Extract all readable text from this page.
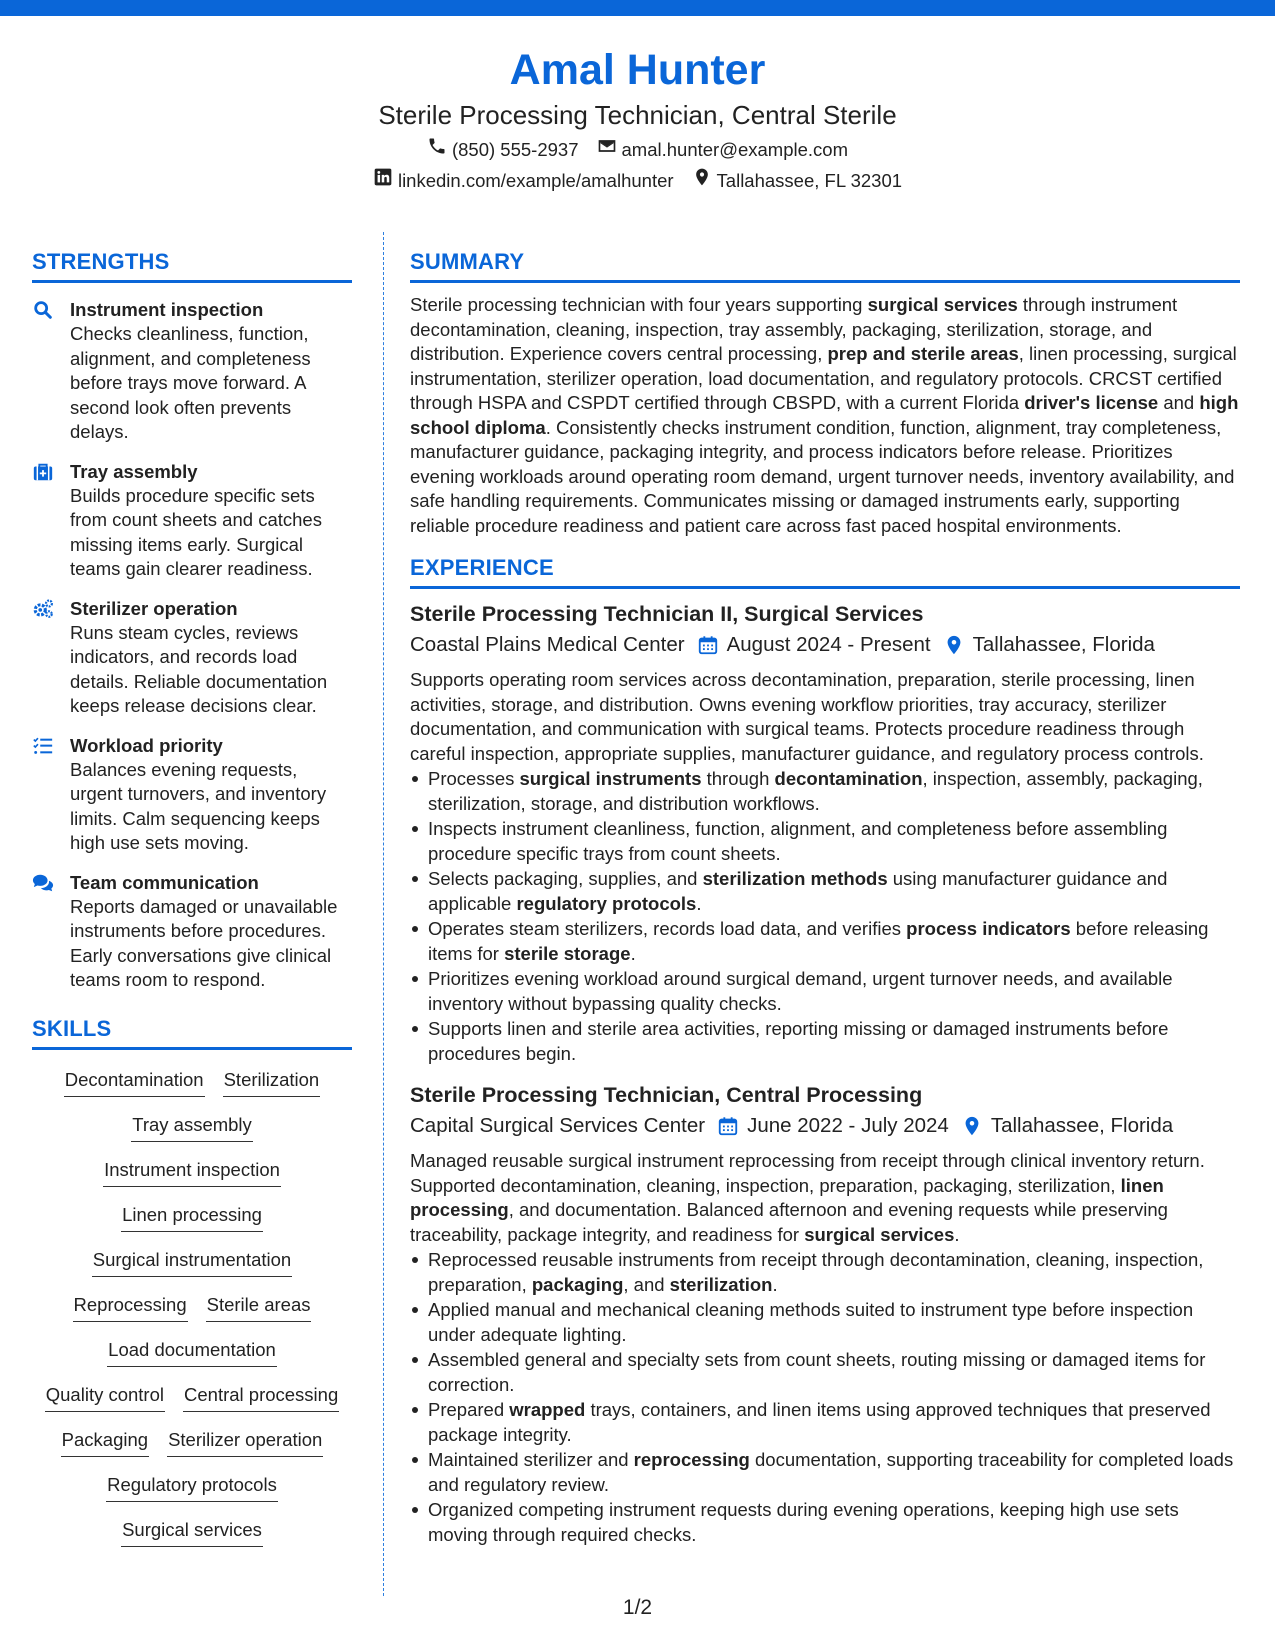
Amal Hunter
Sterile Processing Technician, Central Sterile
(850) 555-2937 amal.hunter@example.com
linkedin.com/example/amalhunter Tallahassee, FL 32301
STRENGTHS
Instrument inspection
Checks cleanliness, function, alignment, and completeness before trays move forward. A second look often prevents delays.
Tray assembly
Builds procedure specific sets from count sheets and catches missing items early. Surgical teams gain clearer readiness.
Sterilizer operation
Runs steam cycles, reviews indicators, and records load details. Reliable documentation keeps release decisions clear.
Workload priority
Balances evening requests, urgent turnovers, and inventory limits. Calm sequencing keeps high use sets moving.
Team communication
Reports damaged or unavailable instruments before procedures. Early conversations give clinical teams room to respond.
SKILLS
Decontamination Sterilization
Tray assembly
Instrument inspection
Linen processing
Surgical instrumentation
Reprocessing Sterile areas
Load documentation
Quality control Central processing
Packaging Sterilizer operation
Regulatory protocols
Surgical services
SUMMARY
Sterile processing technician with four years supporting surgical services through instrument decontamination, cleaning, inspection, tray assembly, packaging, sterilization, storage, and distribution. Experience covers central processing, prep and sterile areas, linen processing, surgical instrumentation, sterilizer operation, load documentation, and regulatory protocols. CRCST certified through HSPA and CSPDT certified through CBSPD, with a current Florida driver's license and high school diploma. Consistently checks instrument condition, function, alignment, tray completeness, manufacturer guidance, packaging integrity, and process indicators before release. Prioritizes evening workloads around operating room demand, urgent turnover needs, inventory availability, and safe handling requirements. Communicates missing or damaged instruments early, supporting reliable procedure readiness and patient care across fast paced hospital environments.
EXPERIENCE
Sterile Processing Technician II, Surgical Services
Coastal Plains Medical Center August 2024 - Present Tallahassee, Florida
Supports operating room services across decontamination, preparation, sterile processing, linen activities, storage, and distribution. Owns evening workflow priorities, tray accuracy, sterilizer documentation, and communication with surgical teams. Protects procedure readiness through careful inspection, appropriate supplies, manufacturer guidance, and regulatory process controls.
Processes surgical instruments through decontamination, inspection, assembly, packaging, sterilization, storage, and distribution workflows.
Inspects instrument cleanliness, function, alignment, and completeness before assembling procedure specific trays from count sheets.
Selects packaging, supplies, and sterilization methods using manufacturer guidance and applicable regulatory protocols.
Operates steam sterilizers, records load data, and verifies process indicators before releasing items for sterile storage.
Prioritizes evening workload around surgical demand, urgent turnover needs, and available inventory without bypassing quality checks.
Supports linen and sterile area activities, reporting missing or damaged instruments before procedures begin.
Sterile Processing Technician, Central Processing
Capital Surgical Services Center June 2022 - July 2024 Tallahassee, Florida
Managed reusable surgical instrument reprocessing from receipt through clinical inventory return. Supported decontamination, cleaning, inspection, preparation, packaging, sterilization, linen processing, and documentation. Balanced afternoon and evening requests while preserving traceability, package integrity, and readiness for surgical services.
Reprocessed reusable instruments from receipt through decontamination, cleaning, inspection, preparation, packaging, and sterilization.
Applied manual and mechanical cleaning methods suited to instrument type before inspection under adequate lighting.
Assembled general and specialty sets from count sheets, routing missing or damaged items for correction.
Prepared wrapped trays, containers, and linen items using approved techniques that preserved package integrity.
Maintained sterilizer and reprocessing documentation, supporting traceability for completed loads and regulatory review.
Organized competing instrument requests during evening operations, keeping high use sets moving through required checks.
1/2
